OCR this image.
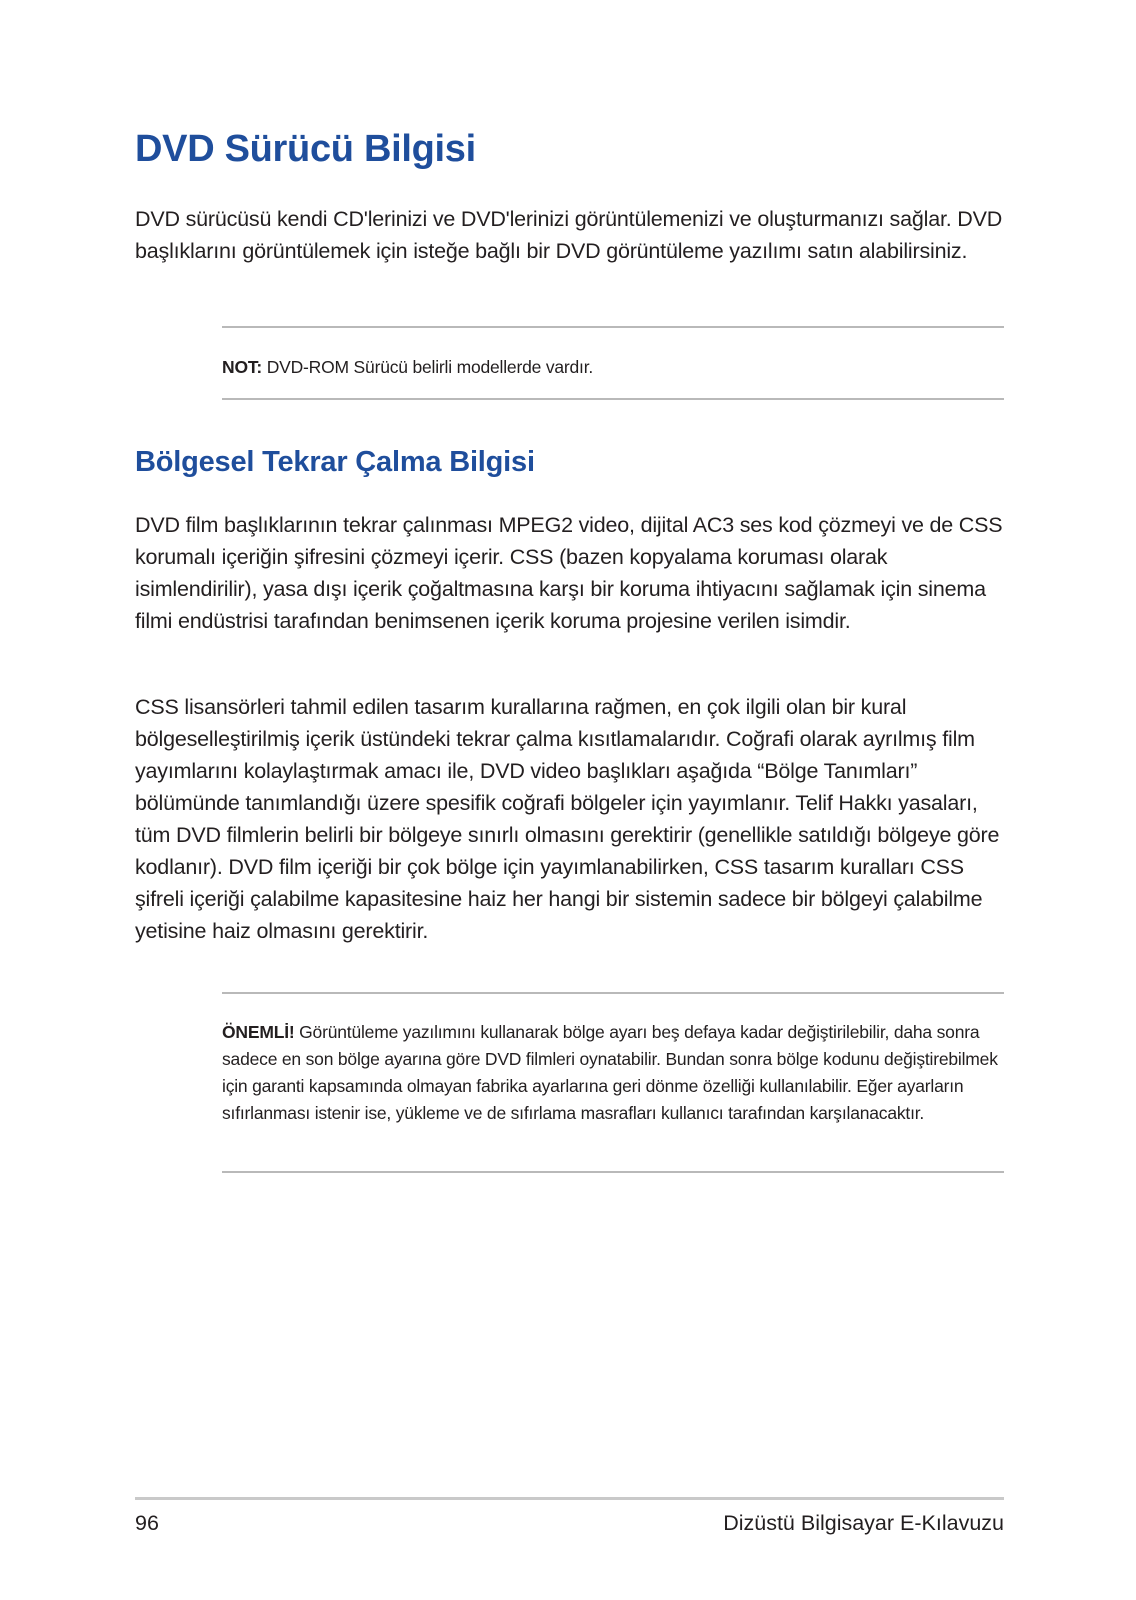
DVD Sürücü Bilgisi

DVD sürücüsü kendi CD'lerinizi ve DVD'lerinizi görüntülemenizi ve oluşturmanızı sağlar. DVD başlıklarını görüntülemek için isteğe bağlı bir DVD görüntüleme yazılımı satın alabilirsiniz.

NOT: DVD-ROM Sürücü belirli modellerde vardır.

Bölgesel Tekrar Çalma Bilgisi

DVD film başlıklarının tekrar çalınması MPEG2 video, dijital AC3 ses kod çözmeyi ve de CSS korumalı içeriğin şifresini çözmeyi içerir. CSS (bazen kopyalama koruması olarak isimlendirilir), yasa dışı içerik çoğaltmasına karşı bir koruma ihtiyacını sağlamak için sinema filmi endüstrisi tarafından benimsenen içerik koruma projesine verilen isimdir.

CSS lisansörleri tahmil edilen tasarım kurallarına rağmen, en çok ilgili olan bir kural bölgeselleştirilmiş içerik üstündeki tekrar çalma kısıtlamalarıdır. Coğrafi olarak ayrılmış film yayımlarını kolaylaştırmak amacı ile, DVD video başlıkları aşağıda “Bölge Tanımları” bölümünde tanımlandığı üzere spesifik coğrafi bölgeler için yayımlanır. Telif Hakkı yasaları, tüm DVD filmlerin belirli bir bölgeye sınırlı olmasını gerektirir (genellikle satıldığı bölgeye göre kodlanır). DVD film içeriği bir çok bölge için yayımlanabilirken, CSS tasarım kuralları CSS şifreli içeriği çalabilme kapasitesine haiz her hangi bir sistemin sadece bir bölgeyi çalabilme yetisine haiz olmasını gerektirir.

ÖNEMLİ! Görüntüleme yazılımını kullanarak bölge ayarı beş defaya kadar değiştirilebilir, daha sonra sadece en son bölge ayarına göre DVD filmleri oynatabilir. Bundan sonra bölge kodunu değiştirebilmek için garanti kapsamında olmayan fabrika ayarlarına geri dönme özelliği kullanılabilir. Eğer ayarların sıfırlanması istenir ise, yükleme ve de sıfırlama masrafları kullanıcı tarafından karşılanacaktır.

96	Dizüstü Bilgisayar E-Kılavuzu
